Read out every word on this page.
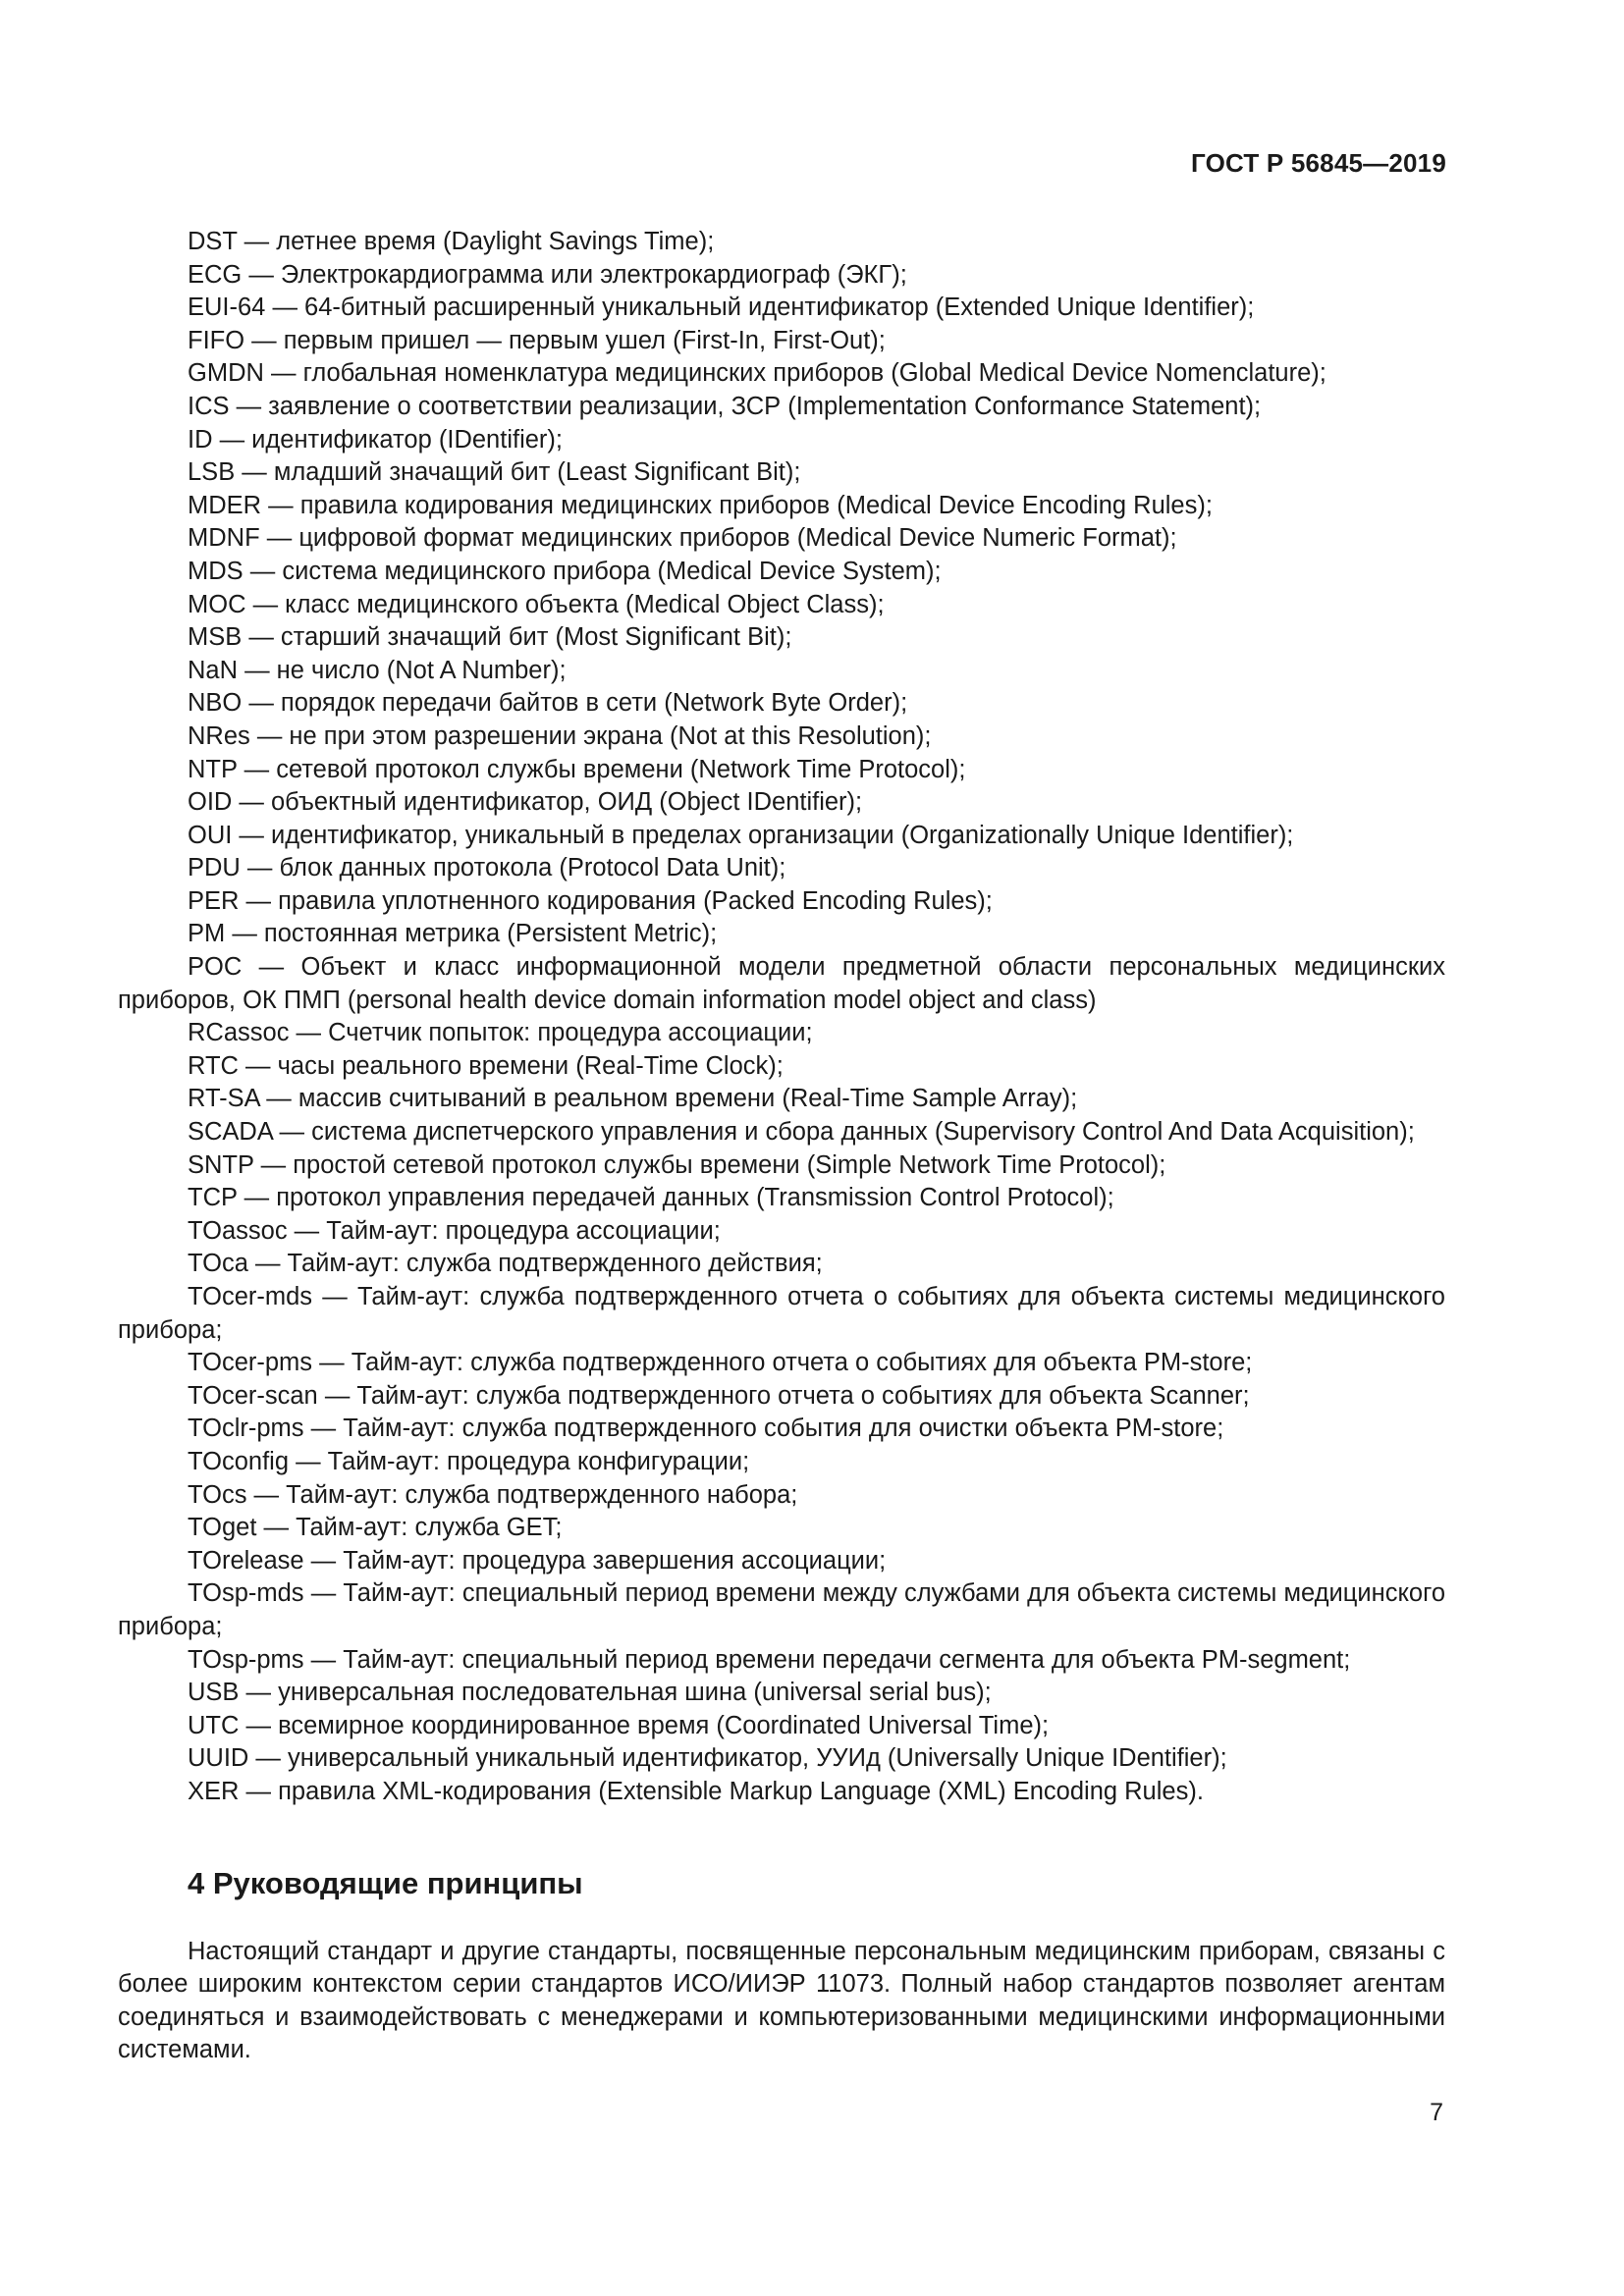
ГОСТ Р 56845—2019
DST — летнее время (Daylight Savings Time);
ECG — Электрокардиограмма или электрокардиограф (ЭКГ);
EUI-64 — 64-битный расширенный уникальный идентификатор (Extended Unique Identifier);
FIFO — первым пришел — первым ушел (First-In, First-Out);
GMDN — глобальная номенклатура медицинских приборов (Global Medical Device Nomenclature);
ICS — заявление о соответствии реализации, ЗСР (Implementation Conformance Statement);
ID — идентификатор (IDentifier);
LSB — младший значащий бит (Least Significant Bit);
MDER — правила кодирования медицинских приборов (Medical Device Encoding Rules);
MDNF — цифровой формат медицинских приборов (Medical Device Numeric Format);
MDS — система медицинского прибора (Medical Device System);
MOC — класс медицинского объекта (Medical Object Class);
MSB — старший значащий бит (Most Significant Bit);
NaN — не число (Not A Number);
NBO — порядок передачи байтов в сети (Network Byte Order);
NRes — не при этом разрешении экрана (Not at this Resolution);
NTP — сетевой протокол службы времени (Network Time Protocol);
OID — объектный идентификатор, ОИД (Object IDentifier);
OUI — идентификатор, уникальный в пределах организации (Organizationally Unique Identifier);
PDU — блок данных протокола (Protocol Data Unit);
PER — правила уплотненного кодирования (Packed Encoding Rules);
PM — постоянная метрика (Persistent Metric);
POC — Объект и класс информационной модели предметной области персональных медицинских приборов, ОК ПМП (personal health device domain information model object and class)
RCassoc — Счетчик попыток: процедура ассоциации;
RTC — часы реального времени (Real-Time Clock);
RT-SA — массив считываний в реальном времени (Real-Time Sample Array);
SCADA — система диспетчерского управления и сбора данных (Supervisory Control And Data Acquisition);
SNTP — простой сетевой протокол службы времени (Simple Network Time Protocol);
TCP — протокол управления передачей данных (Transmission Control Protocol);
TOassoc — Тайм-аут: процедура ассоциации;
TOca — Тайм-аут: служба подтвержденного действия;
TOcer-mds — Тайм-аут: служба подтвержденного отчета о событиях для объекта системы медицинского прибора;
TOcer-pms — Тайм-аут: служба подтвержденного отчета о событиях для объекта PM-store;
TOcer-scan — Тайм-аут: служба подтвержденного отчета о событиях для объекта Scanner;
TOclr-pms — Тайм-аут: служба подтвержденного события для очистки объекта PM-store;
TOconfig — Тайм-аут: процедура конфигурации;
TOcs — Тайм-аут: служба подтвержденного набора;
TOget — Тайм-аут: служба GET;
TOrelease — Тайм-аут: процедура завершения ассоциации;
TOsp-mds — Тайм-аут: специальный период времени между службами для объекта системы медицинского прибора;
TOsp-pms — Тайм-аут: специальный период времени передачи сегмента для объекта PM-segment;
USB — универсальная последовательная шина (universal serial bus);
UTC — всемирное координированное время (Coordinated Universal Time);
UUID — универсальный уникальный идентификатор, УУИд (Universally Unique IDentifier);
XER — правила XML-кодирования (Extensible Markup Language (XML) Encoding Rules).
4 Руководящие принципы

Настоящий стандарт и другие стандарты, посвященные персональным медицинским приборам, связаны с более широким контекстом серии стандартов ИСО/ИИЭР 11073. Полный набор стандартов позволяет агентам соединяться и взаимодействовать с менеджерами и компьютеризованными медицинскими информационными системами.

7
